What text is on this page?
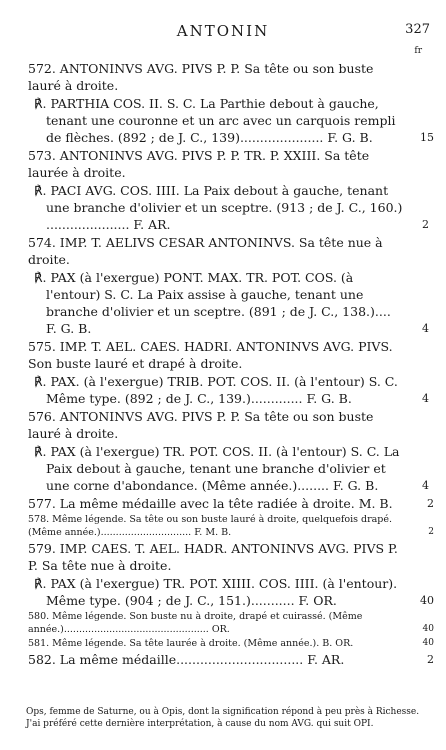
ANTONIN	327
fr
572. ANTONINVS AVG. PIVS P. P. Sa tête ou son buste lauré à droite.
℟. PARTHIA COS. II. S. C. La Parthie debout à gauche, tenant une couronne et un arc avec un carquois rempli de flèches. (892 ; de J. C., 139)..................... F. G. B.	15
573. ANTONINVS AVG. PIVS P. P. TR. P. XXIII. Sa tête laurée à droite.
℟. PACI AVG. COS. IIII. La Paix debout à gauche, tenant une branche d'olivier et un sceptre. (913 ; de J. C., 160.) ..................... F. AR.	2
574. IMP. T. AELIVS CESAR ANTONINVS. Sa tête nue à droite.
℟. PAX (à l'exergue) PONT. MAX. TR. POT. COS. (à l'entour) S. C. La Paix assise à gauche, tenant une branche d'olivier et un sceptre. (891 ; de J. C., 138.).... F. G. B.	4
575. IMP. T. AEL. CAES. HADRI. ANTONINVS AVG. PIVS. Son buste lauré et drapé à droite.
℟. PAX. (à l'exergue) TRIB. POT. COS. II. (à l'entour) S. C. Même type. (892 ; de J. C., 139.)............. F. G. B.	4
576. ANTONINVS AVG. PIVS P. P. Sa tête ou son buste lauré à droite.
℟. PAX (à l'exergue) TR. POT. COS. II. (à l'entour) S. C. La Paix debout à gauche, tenant une branche d'olivier et une corne d'abondance. (Même année.)........ F. G. B.	4
577. La même médaille avec la tête radiée à droite. M. B.	2
578. Même légende. Sa tête ou son buste lauré à droite, quelquefois drapé. (Même année.).............................. F. M. B.	2
579. IMP. CAES. T. AEL. HADR. ANTONINVS AVG. PIVS P. P. Sa tête nue à droite.
℟. PAX (à l'exergue) TR. POT. XIIII. COS. IIII. (à l'entour). Même type. (904 ; de J. C., 151.)........... F. OR.	40
580. Même légende. Son buste nu à droite, drapé et cuirassé. (Même année.)................................................ OR.	40
581. Même légende. Sa tête laurée à droite. (Même année.). B. OR.	40
582. La même médaille................................ F. AR.	2
Ops, femme de Saturne, ou à Opis, dont la signification répond à peu près à Richesse. J'ai préféré cette dernière interprétation, à cause du nom AVG. qui suit OPI.
